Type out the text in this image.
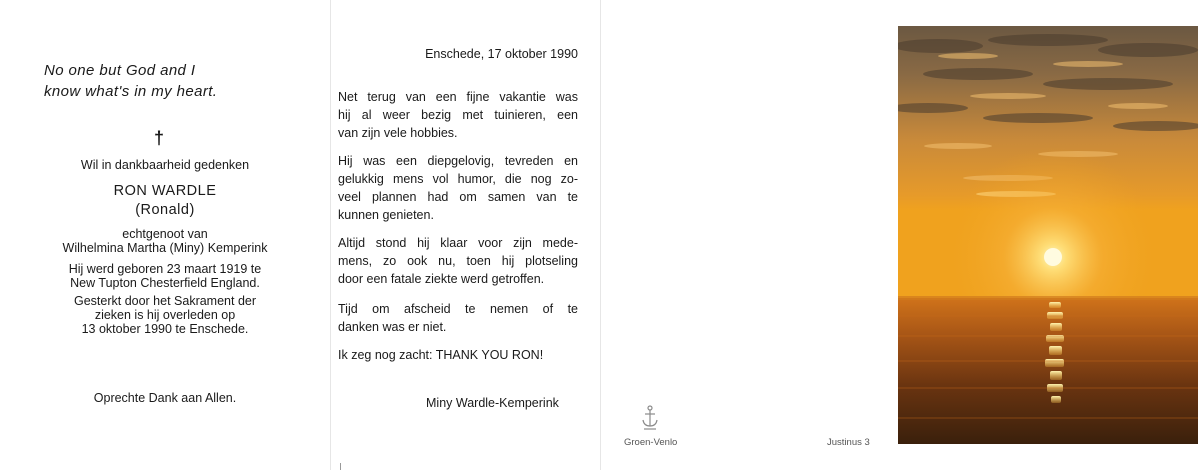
No one but God and I
know what's in my heart.
†
Wil in dankbaarheid gedenken
RON WARDLE
(Ronald)
echtgenoot van
Wilhelmina Martha (Miny) Kemperink
Hij werd geboren 23 maart 1919 te
New Tupton Chesterfield England.
Gesterkt door het Sakrament der
zieken is hij overleden op
13 oktober 1990 te Enschede.
Oprechte Dank aan Allen.
Enschede, 17 oktober 1990
Net terug van een fijne vakantie was
hij al weer bezig met tuinieren, een
van zijn vele hobbies.
Hij was een diepgelovig, tevreden en
gelukkig mens vol humor, die nog zo-
veel plannen had om samen van te
kunnen genieten.
Altijd stond hij klaar voor zijn mede-
mens, zo ook nu, toen hij plotseling
door een fatale ziekte werd getroffen.
Tijd om afscheid te nemen of te
danken was er niet.
Ik zeg nog zacht: THANK YOU RON!
Miny Wardle-Kemperink
Groen-Venlo	Justinus 3
